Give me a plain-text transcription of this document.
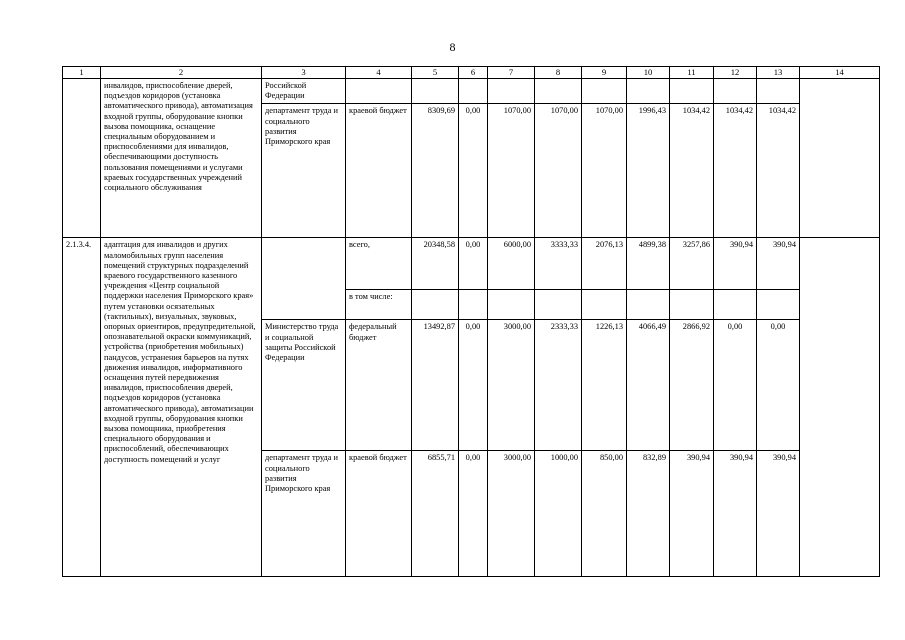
8
1	2	3	4	5	6	7	8	9	10	11	12	13	14
	инвалидов, приспособление дверей, подъездов коридоров (установка автоматического привода), автоматизация входной группы, оборудование кнопки вызова помощника, оснащение специальным оборудованием и приспособлениями для инвалидов, обеспечивающими доступность пользования помещениями и услугами краевых государственных учреждений социального обслуживания	Российской Федерации											
		департамент труда и социального развития Приморского края	краевой бюджет	8309,69	0,00	1070,00	1070,00	1070,00	1996,43	1034,42	1034,42	1034,42	
2.1.3.4.	адаптация для инвалидов и других маломобильных групп населения помещений структурных подразделений краевого государственного казенного учреждения «Центр социальной поддержки населения Приморского края» путем установки осязательных (тактильных), визуальных, звуковых, опорных ориентиров, предупредительной, опознавательной окраски коммуникаций, устройства (приобретения мобильных) пандусов, устранения барьеров на путях движения инвалидов, информативного оснащения путей передвижения инвалидов, приспособления дверей, подъездов коридоров (установка автоматического привода), автоматизации входной группы, оборудования кнопки вызова помощника, приобретения специального оборудования и приспособлений, обеспечивающих доступность помещений и услуг		всего,	20348,58	0,00	6000,00	3333,33	2076,13	4899,38	3257,86	390,94	390,94	
			в том числе:										
		Министерство труда и социальной защиты Российской Федерации	федеральный бюджет	13492,87	0,00	3000,00	2333,33	1226,13	4066,49	2866,92	0,00	0,00	
		департамент труда и социального развития Приморского края	краевой бюджет	6855,71	0,00	3000,00	1000,00	850,00	832,89	390,94	390,94	390,94	
